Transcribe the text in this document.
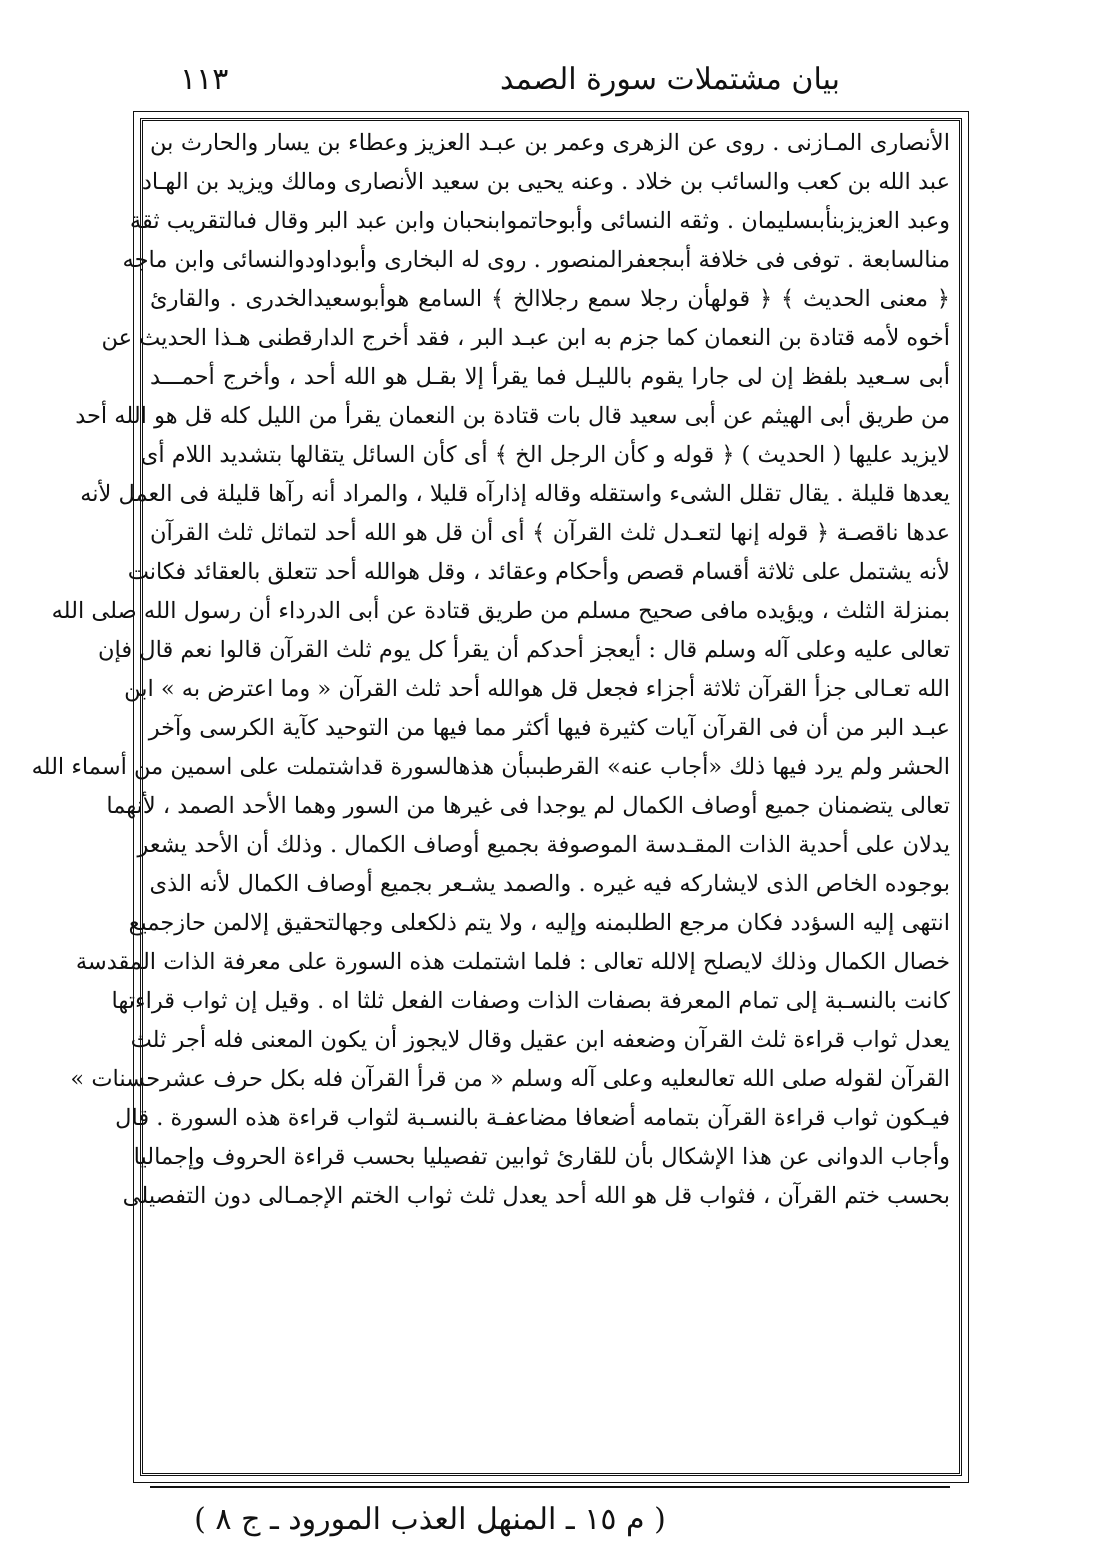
بيان مشتملات سورة الصمد
١١٣
الأنصارى المـازنى . روى عن الزهرى وعمر بن عبـد العزيز وعطاء بن يسار والحارث بن
عبد الله بن كعب والسائب بن خلاد . وعنه يحيى بن سعيد الأنصارى ومالك ويزيد بن الهـاد
وعبد العزيزبنأبىسليمان . وثقه النسائى وأبوحاتموابنحبان وابن عبد البر وقال فىالتقريب ثقة
منالسابعة . توفى فى خلافة أبىجعفرالمنصور . روى له البخارى وأبوداودوالنسائى وابن ماجه
﴿ معنى الحديث ﴾ ﴿ قولهأن رجلا سمع رجلاالخ ﴾ السامع هوأبوسعيدالخدرى . والقارئ
أخوه لأمه قتادة بن النعمان كما جزم به ابن عبـد البر ، فقد أخرج الدارقطنى هـذا الحديث عن
أبى سـعيد بلفظ إن لى جارا يقوم بالليـل فما يقرأ إلا بقـل هو الله أحد ، وأخرج أحمـــد
من طريق أبى الهيثم عن أبى سعيد قال بات قتادة بن النعمان يقرأ من الليل كله قل هو الله أحد
لايزيد عليها ( الحديث ) ﴿ قوله و كأن الرجل الخ ﴾ أى كأن السائل يتقالها بتشديد اللام أى
يعدها قليلة . يقال تقلل الشىء واستقله وقاله إذارآه قليلا ، والمراد أنه رآها قليلة فى العمل لأنه
عدها ناقصـة ﴿ قوله إنها لتعـدل ثلث القرآن ﴾ أى أن قل هو الله أحد لتماثل ثلث القرآن
لأنه يشتمل على ثلاثة أقسام قصص وأحكام وعقائد ، وقل هوالله أحد تتعلق بالعقائد فكانت
بمنزلة الثلث ، ويؤيده مافى صحيح مسلم من طريق قتادة عن أبى الدرداء أن رسول الله صلى الله
تعالى عليه وعلى آله وسلم قال : أيعجز أحدكم أن يقرأ كل يوم ثلث القرآن قالوا نعم قال فإن
الله تعـالى جزأ القرآن ثلاثة أجزاء فجعل قل هوالله أحد ثلث القرآن « وما اعترض به » ابن
عبـد البر من أن فى القرآن آيات كثيرة فيها أكثر مما فيها من التوحيد كآية الكرسى وآخر
الحشر ولم يرد فيها ذلك «أجاب عنه» القرطبىبأن هذهالسورة قداشتملت على اسمين من أسماء الله
تعالى يتضمنان جميع أوصاف الكمال لم يوجدا فى غيرها من السور وهما الأحد الصمد ، لأنهما
يدلان على أحدية الذات المقـدسة الموصوفة بجميع أوصاف الكمال . وذلك أن الأحد يشعر
بوجوده الخاص الذى لايشاركه فيه غيره . والصمد يشـعر بجميع أوصاف الكمال لأنه الذى
انتهى إليه السؤدد فكان مرجع الطلبمنه وإليه ، ولا يتم ذلكعلى وجهالتحقيق إلالمن حازجميع
خصال الكمال وذلك لايصلح إلالله تعالى : فلما اشتملت هذه السورة على معرفة الذات المقدسة
كانت بالنسـبة إلى تمام المعرفة بصفات الذات وصفات الفعل ثلثا اه . وقيل إن ثواب قراءتها
يعدل ثواب قراءة ثلث القرآن وضعفه ابن عقيل وقال لايجوز أن يكون المعنى فله أجر ثلث
القرآن لقوله صلى الله تعالىعليه وعلى آله وسلم « من قرأ القرآن فله بكل حرف عشرحسنات »
فيـكون ثواب قراءة القرآن بتمامه أضعافا مضاعفـة بالنسـبة لثواب قراءة هذه السورة . قال
وأجاب الدوانى عن هذا الإشكال بأن للقارئ ثوابين تفصيليا بحسب قراءة الحروف وإجماليا
بحسب ختم القرآن ، فثواب قل هو الله أحد يعدل ثلث ثواب الختم الإجمـالى دون التفصيلى
( م ١٥ ـ المنهل العذب المورود ـ ج ٨ )
